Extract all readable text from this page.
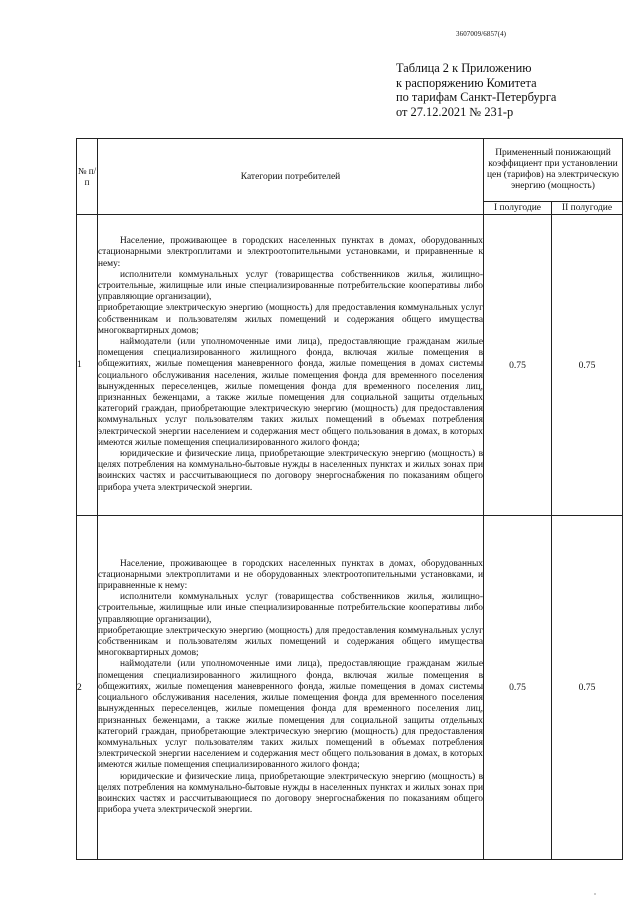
3607009/6857(4)
Таблица 2 к Приложению
к распоряжению Комитета
по тарифам Санкт-Петербурга
от 27.12.2021 № 231-р
№ п/п	Категории потребителей	Примененный понижающий коэффициент при установлении цен (тарифов) на электрическую энергию (мощность)	
		I полугодие	II полугодие
1	Население, проживающее в городских населенных пунктах в домах, оборудованных стационарными электроплитами и электроотопительными установками, и приравненные к нему:
исполнители коммунальных услуг (товарищества собственников жилья, жилищно-строительные, жилищные или иные специализированные потребительские кооперативы либо управляющие организации),
приобретающие электрическую энергию (мощность) для предоставления коммунальных услуг собственникам и пользователям жилых помещений и содержания общего имущества многоквартирных домов;
наймодатели (или уполномоченные ими лица), предоставляющие гражданам жилые помещения специализированного жилищного фонда, включая жилые помещения в общежитиях, жилые помещения маневренного фонда, жилые помещения в домах системы социального обслуживания населения, жилые помещения фонда для временного поселения вынужденных переселенцев, жилые помещения фонда для временного поселения лиц, признанных беженцами, а также жилые помещения для социальной защиты отдельных категорий граждан, приобретающие электрическую энергию (мощность) для предоставления коммунальных услуг пользователям таких жилых помещений в объемах потребления электрической энергии населением и содержания мест общего пользования в домах, в которых имеются жилые помещения специализированного жилого фонда;
юридические и физические лица, приобретающие электрическую энергию (мощность) в целях потребления на коммунально-бытовые нужды в населенных пунктах и жилых зонах при воинских частях и рассчитывающиеся по договору энергоснабжения по показаниям общего прибора учета электрической энергии.	0.75	0.75
2	Население, проживающее в городских населенных пунктах в домах, оборудованных стационарными электроплитами и не оборудованных электроотопительными установками, и приравненные к нему:
исполнители коммунальных услуг (товарищества собственников жилья, жилищно-строительные, жилищные или иные специализированные потребительские кооперативы либо управляющие организации),
приобретающие электрическую энергию (мощность) для предоставления коммунальных услуг собственникам и пользователям жилых помещений и содержания общего имущества многоквартирных домов;
наймодатели (или уполномоченные ими лица), предоставляющие гражданам жилые помещения специализированного жилищного фонда, включая жилые помещения в общежитиях, жилые помещения маневренного фонда, жилые помещения в домах системы социального обслуживания населения, жилые помещения фонда для временного поселения вынужденных переселенцев, жилые помещения фонда для временного поселения лиц, признанных беженцами, а также жилые помещения для социальной защиты отдельных категорий граждан, приобретающие электрическую энергию (мощность) для предоставления коммунальных услуг пользователям таких жилых помещений в объемах потребления электрической энергии населением и содержания мест общего пользования в домах, в которых имеются жилые помещения специализированного жилого фонда;
юридические и физические лица, приобретающие электрическую энергию (мощность) в целях потребления на коммунально-бытовые нужды в населенных пунктах и жилых зонах при воинских частях и рассчитывающиеся по договору энергоснабжения по показаниям общего прибора учета электрической энергии.	0.75	0.75
